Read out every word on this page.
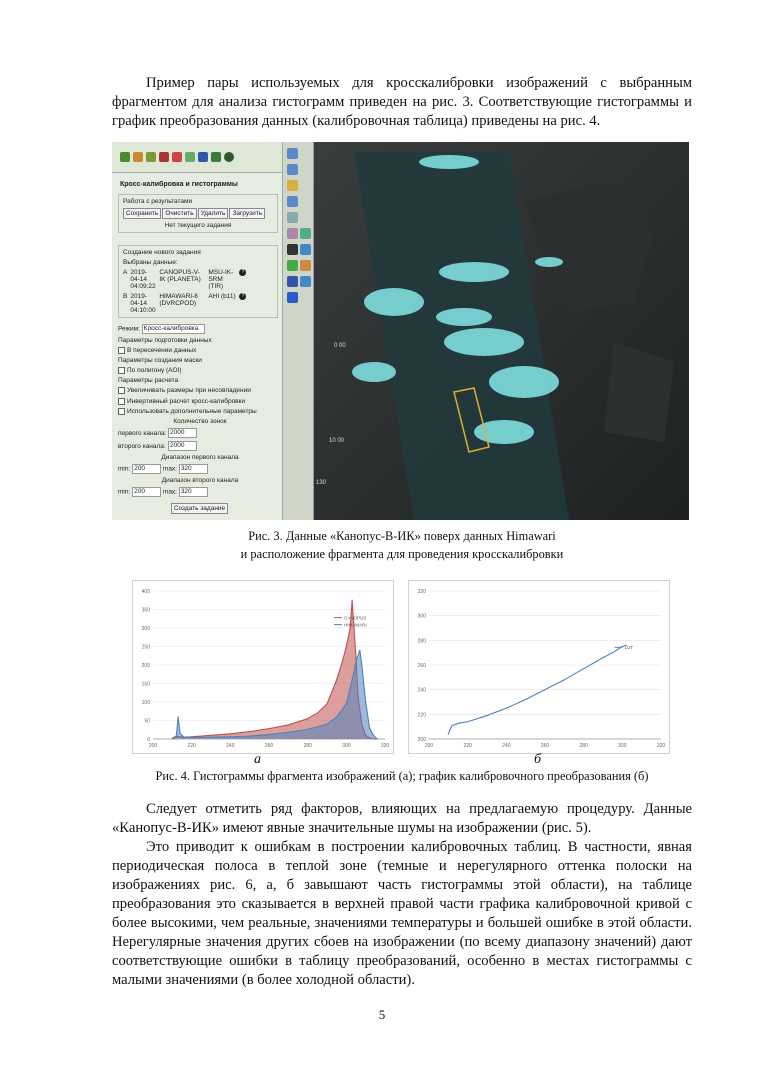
Пример пары используемых для кросскалибровки изображений с выбранным фрагментом для анализа гистограмм приведен на рис. 3. Соответствующие гистограммы и график преобразования данных (калибровочная таблица) приведены на рис. 4.

Кросс-калибровка и гистограммы
Работа с результатами
Сохранить Очистить Удалить Загрузить
Нет текущего задания
Создание нового задания
Выбраны данные:
A 2019-04-14 04:09:22
CANOPUS-V-IK (PLANETA)
MSU-IK-SRM (TIR)
?
B 2019-04-14 04:10:00
HIMAWARI-8 (DVRCPOD)
AHI (b11)	?
Режим: Кросс-калибровка
Параметры подготовки данных
В пересечении данных
Параметры создания маски
По полигону (AOI)
Параметры расчета
Увеличивать размеры при несовпадении
Инвертивный расчет кросс-калибровки
Использовать дополнительные параметры
Количество зонок
первого канала: 2000
второго канала: 2000
Диапазон первого канала
min: 200	max: 320
Диапазон второго канала
min: 200	max: 320
Создать задание
0 00
10 00
130
Рис. 3. Данные «Канопус-В-ИК» поверх данных Himawari
и расположение фрагмента для проведения кросскалибровки
0
50
100
150
200
250
300
350
400
200	220	240	260	280	300	320
CANOPUS
HIMAWARI
200
220
240
260
280
300
320
200	220	240	260	280	300	320
LUT
а	б
Рис. 4. Гистограммы фрагмента изображений (а); график калибровочного преобразования (б)

Следует отметить ряд факторов, влияющих на предлагаемую процедуру. Данные «Канопус-В-ИК» имеют явные значительные шумы на изображении (рис. 5).

Это приводит к ошибкам в построении калибровочных таблиц. В частности, явная периодическая полоса в теплой зоне (темные и нерегулярного оттенка полоски на изображениях рис. 6, а, б завышают часть гистограммы этой области), на таблице преобразования это сказывается в верхней правой части графика калибровочной кривой с более высокими, чем реальные, значениями температуры и большей ошибке в этой области. Нерегулярные значения других сбоев на изображении (по всему диапазону значений) дают соответствующие ошибки в таблицу преобразований, особенно в местах гистограммы с малыми значениями (в более холодной области).

5
